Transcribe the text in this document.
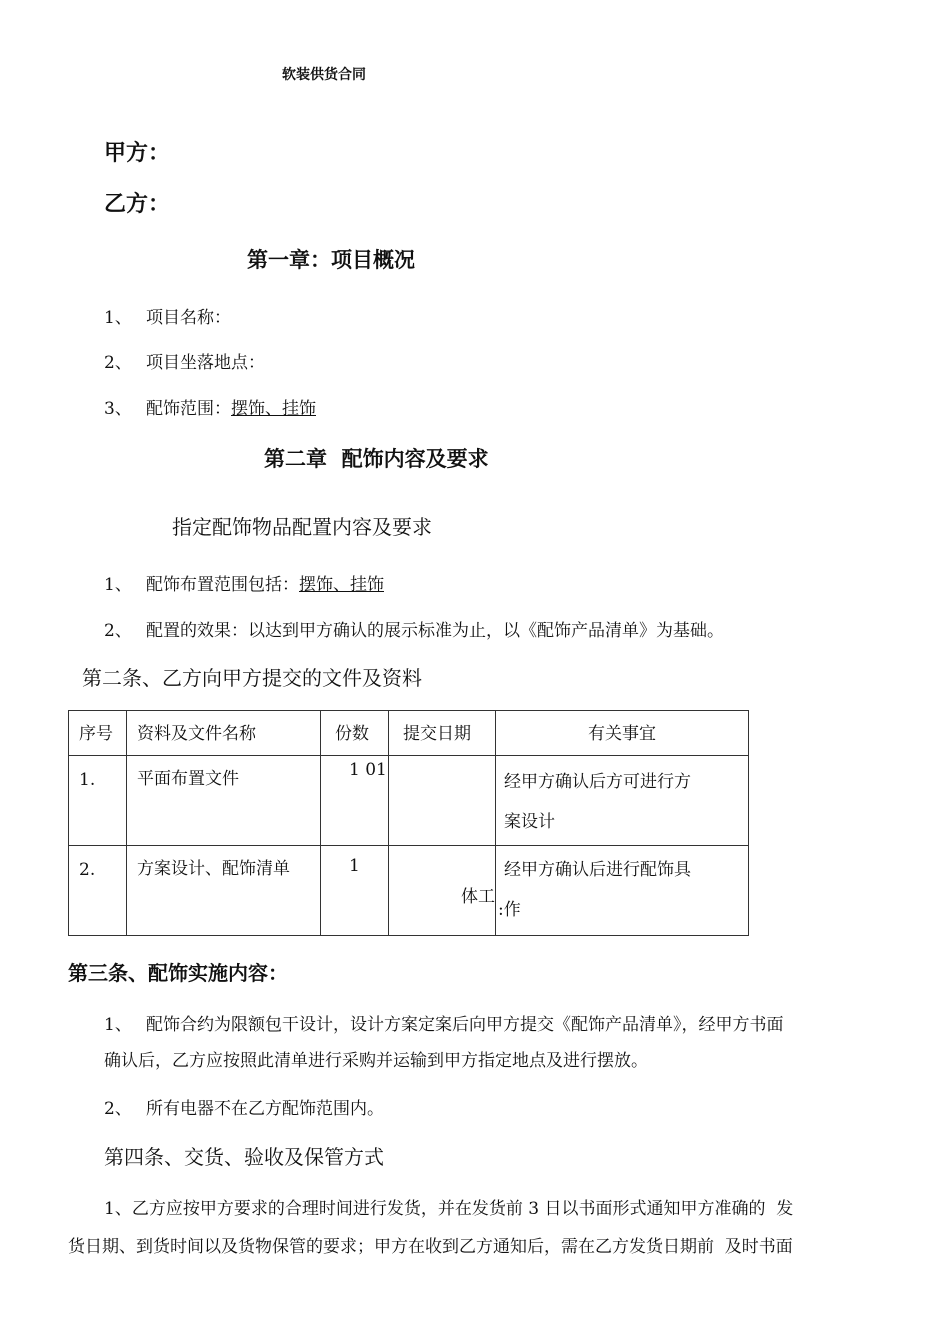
软装供货合同
甲方：
乙方：
第一章：项目概况
1、 项目名称：
2、 项目坐落地点：
3、 配饰范围：摆饰、挂饰
第二章  配饰内容及要求
指定配饰物品配置内容及要求
1、 配饰布置范围包括：摆饰、挂饰
2、 配置的效果：以达到甲方确认的展示标准为止，以《配饰产品清单》为基础。
第二条、乙方向甲方提交的文件及资料
序号	资料及文件名称	份数	提交日期	有关事宜

1.	平面布置文件	1 01		经甲方确认后方可进行方
案设计

2.	方案设计、配饰清单	1	体工	经甲方确认后进行配饰具
:作
第三条、配饰实施内容：
1、 配饰合约为限额包干设计，设计方案定案后向甲方提交《配饰产品清单》，经甲方书面
确认后，乙方应按照此清单进行采购并运输到甲方指定地点及进行摆放。
2、 所有电器不在乙方配饰范围内。
第四条、交货、验收及保管方式
1、乙方应按甲方要求的合理时间进行发货，并在发货前 3 日以书面形式通知甲方准确的  发
货日期、到货时间以及货物保管的要求；甲方在收到乙方通知后，需在乙方发货日期前  及时书面
